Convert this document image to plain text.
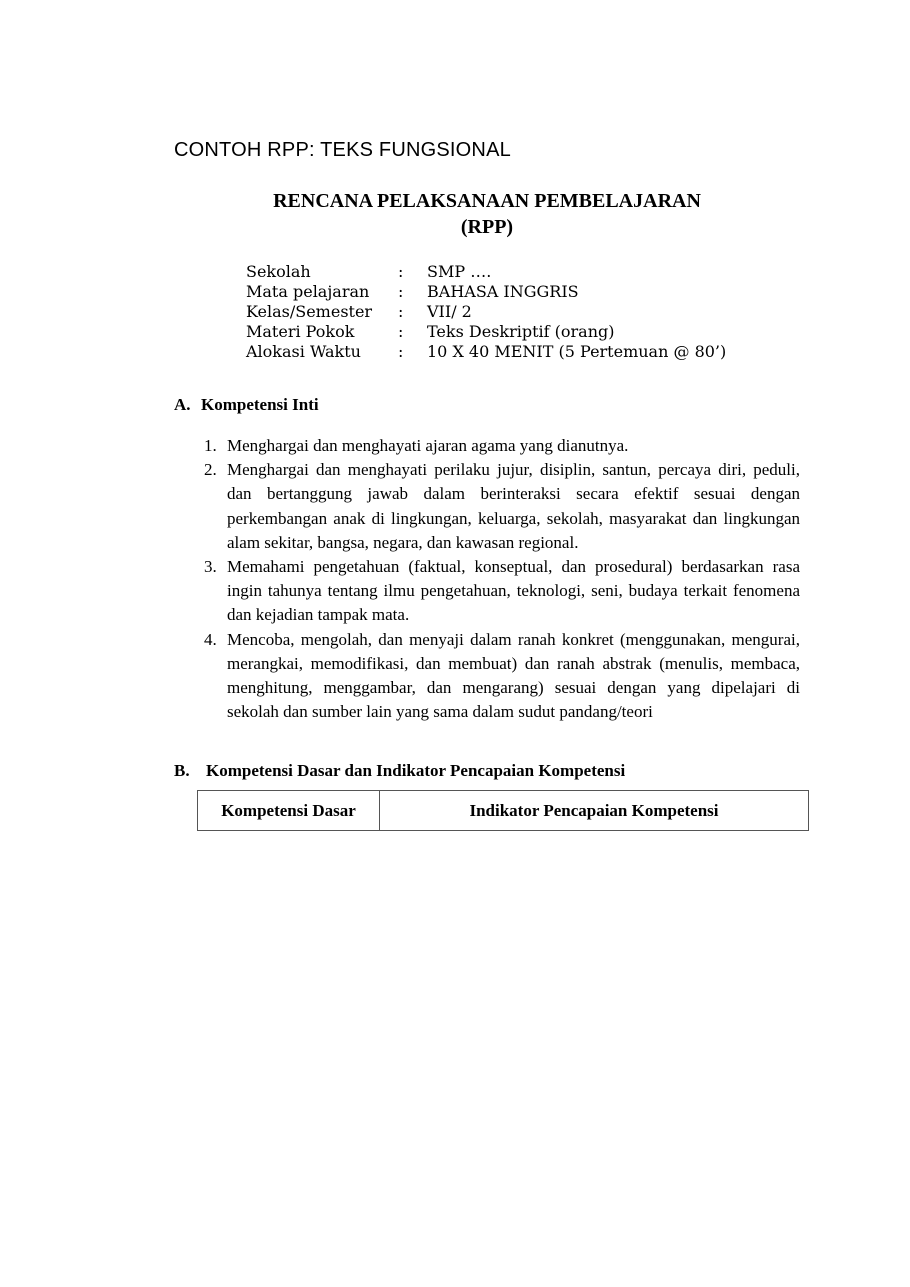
CONTOH RPP: TEKS FUNGSIONAL
RENCANA PELAKSANAAN PEMBELAJARAN
(RPP)
Sekolah	:	SMP ….
Mata pelajaran	:	BAHASA INGGRIS
Kelas/Semester	:	VII/ 2
Materi Pokok	:	Teks Deskriptif (orang)
Alokasi Waktu	:	10 X 40 MENIT (5 Pertemuan @ 80’)
A. Kompetensi Inti
1. Menghargai dan menghayati ajaran agama yang dianutnya.
2. Menghargai dan menghayati perilaku jujur, disiplin, santun, percaya diri, peduli, dan bertanggung jawab dalam berinteraksi secara efektif sesuai dengan perkembangan anak di lingkungan, keluarga, sekolah, masyarakat dan lingkungan alam sekitar, bangsa, negara, dan kawasan regional.
3. Memahami pengetahuan (faktual, konseptual, dan prosedural) berdasarkan rasa ingin tahunya tentang ilmu pengetahuan, teknologi, seni, budaya terkait fenomena dan kejadian tampak mata.
4. Mencoba, mengolah, dan menyaji dalam ranah konkret (menggunakan, mengurai, merangkai, memodifikasi, dan membuat) dan ranah abstrak (menulis, membaca, menghitung, menggambar, dan mengarang) sesuai dengan yang dipelajari di sekolah dan sumber lain yang sama dalam sudut pandang/teori
B. Kompetensi Dasar dan Indikator Pencapaian Kompetensi
Kompetensi Dasar	Indikator Pencapaian Kompetensi
